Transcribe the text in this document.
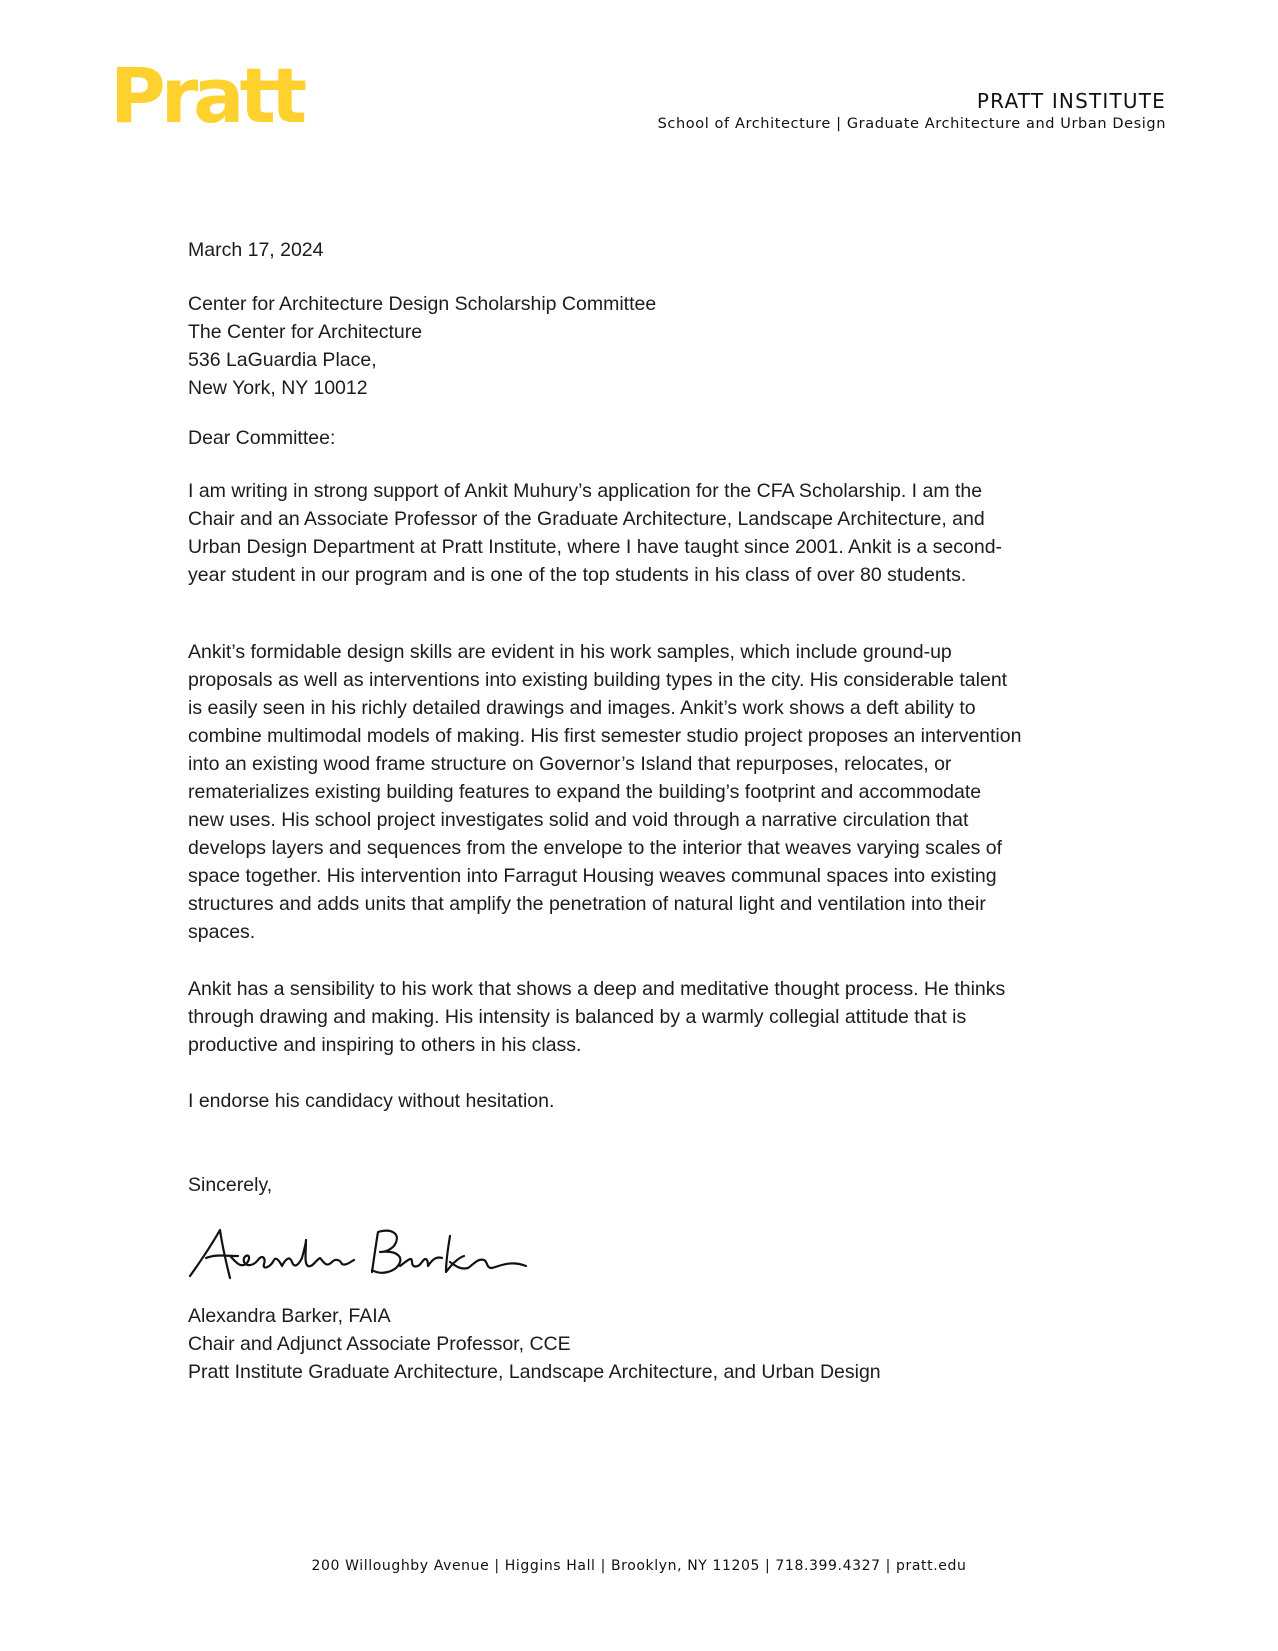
Pratt	PRATT INSTITUTE
School of Architecture | Graduate Architecture and Urban Design
March 17, 2024
Center for Architecture Design Scholarship Committee
The Center for Architecture
536 LaGuardia Place,
New York, NY 10012
Dear Committee:
I am writing in strong support of Ankit Muhury’s application for the CFA Scholarship. I am the
Chair and an Associate Professor of the Graduate Architecture, Landscape Architecture, and
Urban Design Department at Pratt Institute, where I have taught since 2001. Ankit is a second-
year student in our program and is one of the top students in his class of over 80 students.
Ankit’s formidable design skills are evident in his work samples, which include ground-up
proposals as well as interventions into existing building types in the city. His considerable talent
is easily seen in his richly detailed drawings and images. Ankit’s work shows a deft ability to
combine multimodal models of making. His first semester studio project proposes an intervention
into an existing wood frame structure on Governor’s Island that repurposes, relocates, or
rematerializes existing building features to expand the building’s footprint and accommodate
new uses. His school project investigates solid and void through a narrative circulation that
develops layers and sequences from the envelope to the interior that weaves varying scales of
space together. His intervention into Farragut Housing weaves communal spaces into existing
structures and adds units that amplify the penetration of natural light and ventilation into their
spaces.
Ankit has a sensibility to his work that shows a deep and meditative thought process. He thinks
through drawing and making. His intensity is balanced by a warmly collegial attitude that is
productive and inspiring to others in his class.
I endorse his candidacy without hesitation.
Sincerely,
Alexandra Barker, FAIA
Chair and Adjunct Associate Professor, CCE
Pratt Institute Graduate Architecture, Landscape Architecture, and Urban Design
200 Willoughby Avenue | Higgins Hall | Brooklyn, NY 11205 | 718.399.4327 | pratt.edu
